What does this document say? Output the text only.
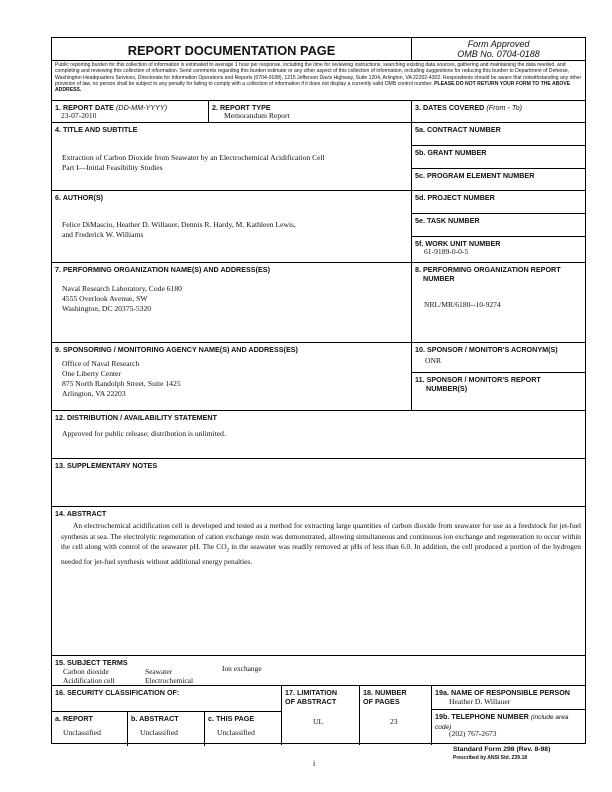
REPORT DOCUMENTATION PAGE	Form Approved
OMB No. 0704-0188
Public reporting burden for this collection of information is estimated to average 1 hour per response, including the time for reviewing instructions, searching existing data sources, gathering and maintaining the data needed, and completing and reviewing this collection of information. Send comments regarding this burden estimate or any other aspect of this collection of information, including suggestions for reducing this burden to Department of Defense, Washington Headquarters Services, Directorate for Information Operations and Reports (0704-0188), 1215 Jefferson Davis Highway, Suite 1204, Arlington, VA 22202-4302. Respondents should be aware that notwithstanding any other provision of law, no person shall be subject to any penalty for failing to comply with a collection of information if it does not display a currently valid OMB control number. PLEASE DO NOT RETURN YOUR FORM TO THE ABOVE ADDRESS.
1. REPORT DATE (DD-MM-YYYY)
23-07-2010
2. REPORT TYPE
Memorandum Report
3. DATES COVERED (From - To)
4. TITLE AND SUBTITLE
Extraction of Carbon Dioxide from Seawater by an Electrochemical Acidification Cell
Part I—Initial Feasibility Studies
5a. CONTRACT NUMBER
5b. GRANT NUMBER
5c. PROGRAM ELEMENT NUMBER
6. AUTHOR(S)
Felice DiMascio, Heather D. Willauer, Dennis R. Hardy, M. Kathleen Lewis,
and Frederick W. Williams
5d. PROJECT NUMBER
5e. TASK NUMBER
5f. WORK UNIT NUMBER
61-9189-0-0-5
7. PERFORMING ORGANIZATION NAME(S) AND ADDRESS(ES)
Naval Research Laboratory, Code 6180
4555 Overlook Avenue, SW
Washington, DC 20375-5320
8. PERFORMING ORGANIZATION REPORT
NUMBER
NRL/MR/6180--10-9274
9. SPONSORING / MONITORING AGENCY NAME(S) AND ADDRESS(ES)
Office of Naval Research
One Liberty Center
875 North Randolph Street, Suite 1425
Arlington, VA 22203
10. SPONSOR / MONITOR'S ACRONYM(S)
ONR
11. SPONSOR / MONITOR'S REPORT
NUMBER(S)
12. DISTRIBUTION / AVAILABILITY STATEMENT
Approved for public release; distribution is unlimited.
13. SUPPLEMENTARY NOTES
14. ABSTRACT
An electrochemical acidification cell is developed and tested as a method for extracting large quantities of carbon dioxide from seawater for use as a feedstock for jet-fuel synthesis at sea. The electrolytic regeneration of cation exchange resin was demonstrated, allowing simultaneous and continuous ion exchange and regeneration to occur within the cell along with control of the seawater pH. The $CO_2$ in the seawater was readily removed at pHs of less than 6.0. In addition, the cell produced a portion of the hydrogen needed for jet-fuel synthesis without additional energy penalties.
15. SUBJECT TERMS
Carbon dioxide
Acidification cell
Seawater
Electrochemical
Ion exchange
16. SECURITY CLASSIFICATION OF:
a. REPORT
Unclassified
b. ABSTRACT
Unclassified
c. THIS PAGE
Unclassified
17. LIMITATION
OF ABSTRACT
UL
18. NUMBER
OF PAGES
23
19a. NAME OF RESPONSIBLE PERSON
Heather D. Willauer
19b. TELEPHONE NUMBER (include area code)
(202) 767-2673
Standard Form 298 (Rev. 8-98)
Prescribed by ANSI Std. Z39.18
i
